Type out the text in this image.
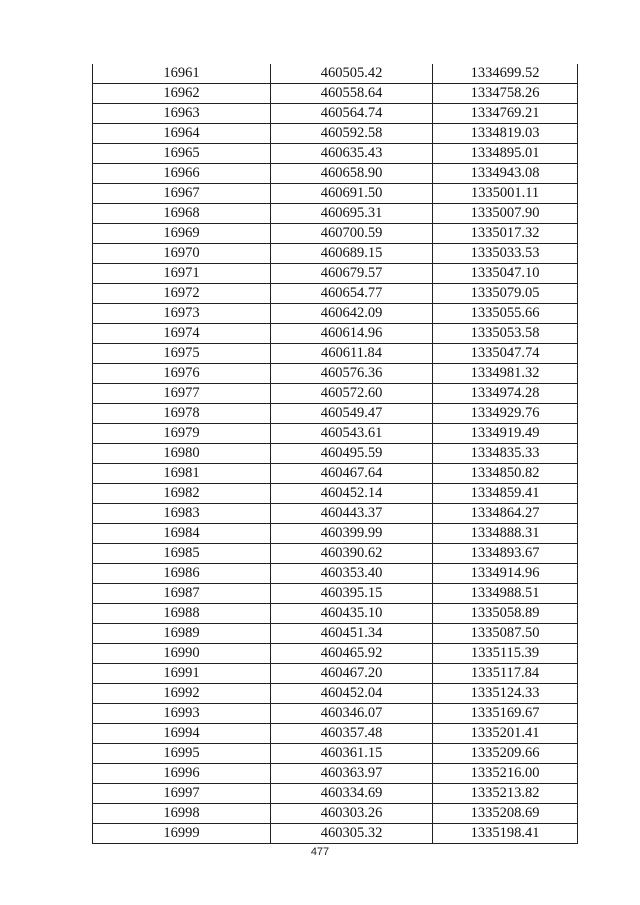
16961	460505.42	1334699.52
16962	460558.64	1334758.26
16963	460564.74	1334769.21
16964	460592.58	1334819.03
16965	460635.43	1334895.01
16966	460658.90	1334943.08
16967	460691.50	1335001.11
16968	460695.31	1335007.90
16969	460700.59	1335017.32
16970	460689.15	1335033.53
16971	460679.57	1335047.10
16972	460654.77	1335079.05
16973	460642.09	1335055.66
16974	460614.96	1335053.58
16975	460611.84	1335047.74
16976	460576.36	1334981.32
16977	460572.60	1334974.28
16978	460549.47	1334929.76
16979	460543.61	1334919.49
16980	460495.59	1334835.33
16981	460467.64	1334850.82
16982	460452.14	1334859.41
16983	460443.37	1334864.27
16984	460399.99	1334888.31
16985	460390.62	1334893.67
16986	460353.40	1334914.96
16987	460395.15	1334988.51
16988	460435.10	1335058.89
16989	460451.34	1335087.50
16990	460465.92	1335115.39
16991	460467.20	1335117.84
16992	460452.04	1335124.33
16993	460346.07	1335169.67
16994	460357.48	1335201.41
16995	460361.15	1335209.66
16996	460363.97	1335216.00
16997	460334.69	1335213.82
16998	460303.26	1335208.69
16999	460305.32	1335198.41
477
